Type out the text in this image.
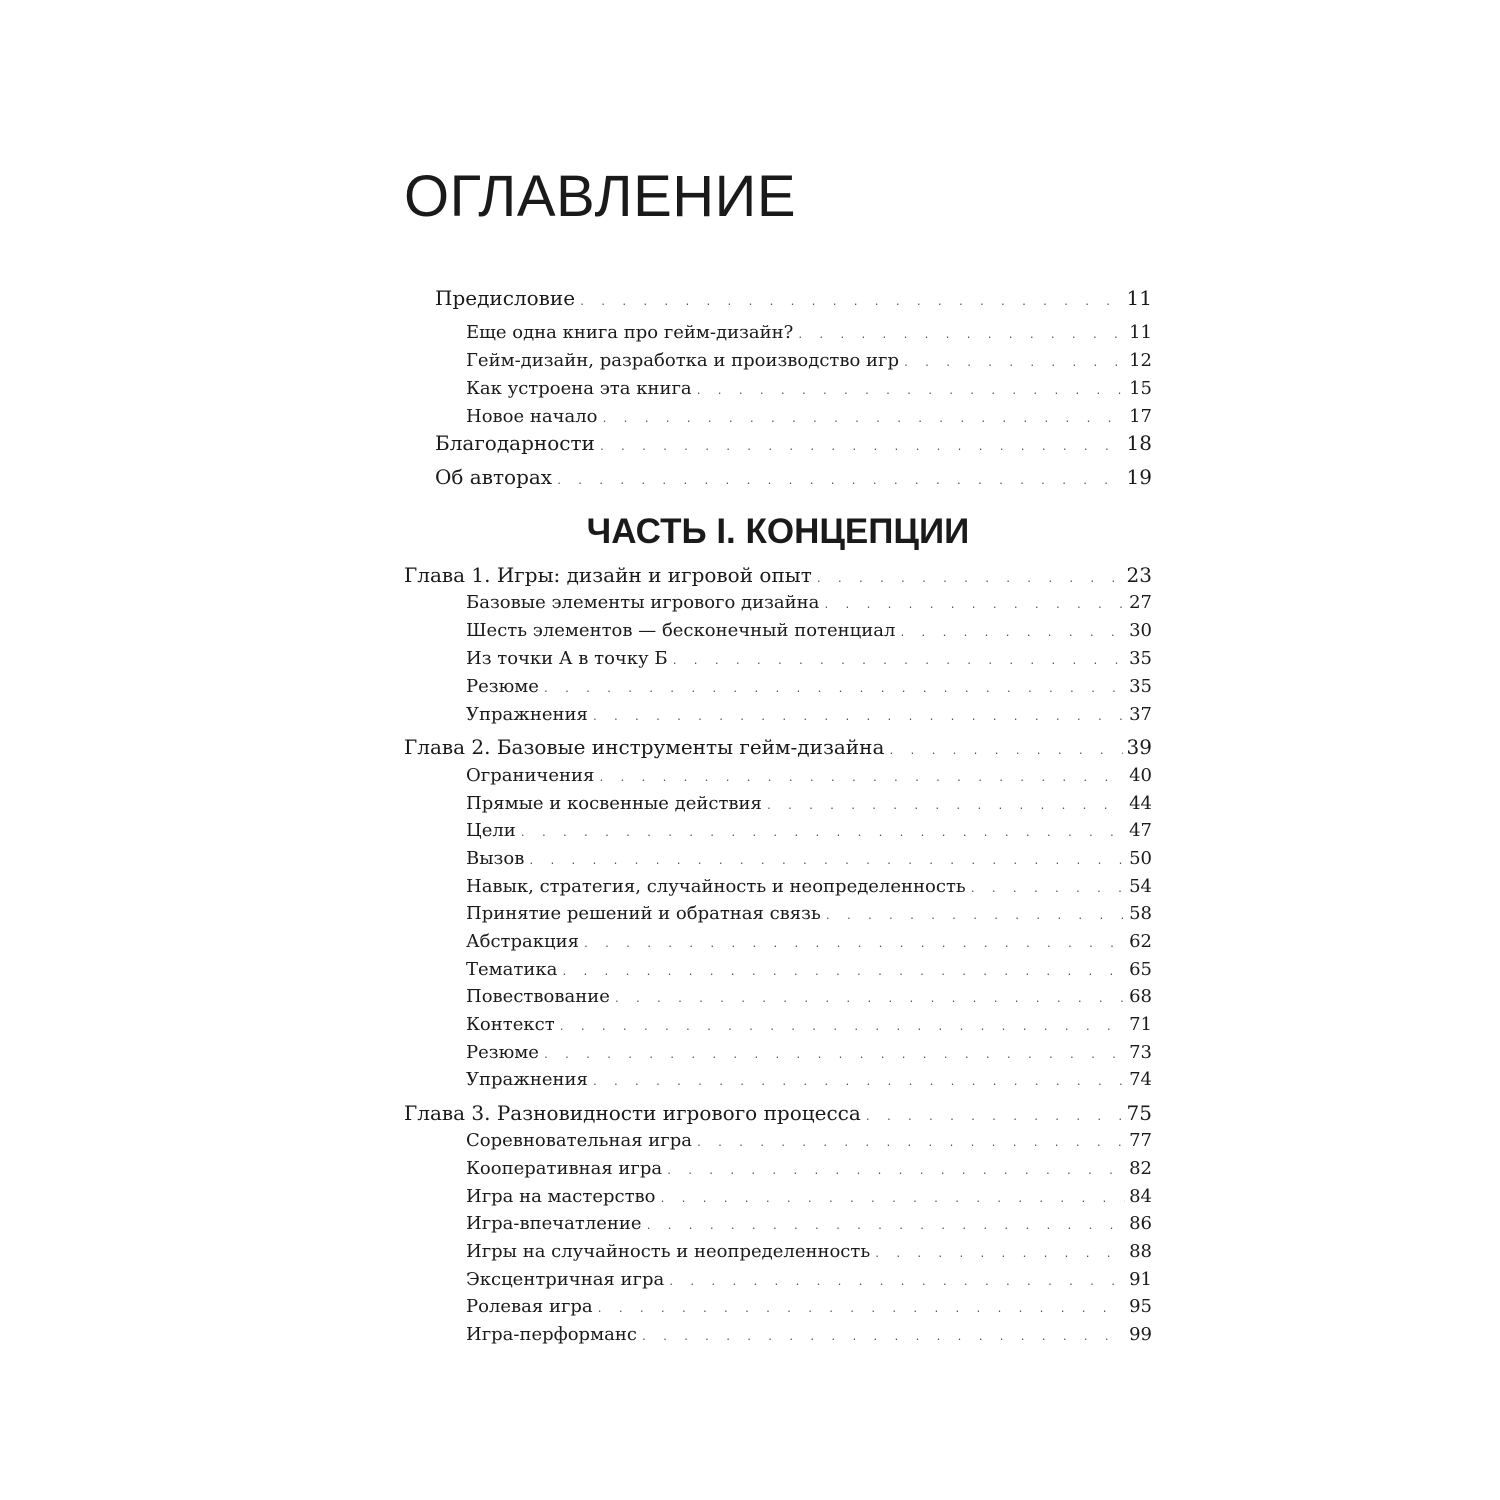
ОГЛАВЛЕНИЕ
Предисловие . . .	11
Еще одна книга про гейм-дизайн? . . .	11
Гейм-дизайн, разработка и производство игр . . .	12
Как устроена эта книга . . .	15
Новое начало . . .	17
Благодарности . . .	18
Об авторах . . .	19
ЧАСТЬ I. КОНЦЕПЦИИ
Глава 1. Игры: дизайн и игровой опыт . . .	23
Базовые элементы игрового дизайна . . .	27
Шесть элементов — бесконечный потенциал . . .	30
Из точки А в точку Б . . .	35
Резюме . . .	35
Упражнения . . .	37
Глава 2. Базовые инструменты гейм-дизайна . . .	39
Ограничения . . .	40
Прямые и косвенные действия . . .	44
Цели . . .	47
Вызов . . .	50
Навык, стратегия, случайность и неопределенность . . .	54
Принятие решений и обратная связь . . .	58
Абстракция . . .	62
Тематика . . .	65
Повествование . . .	68
Контекст . . .	71
Резюме . . .	73
Упражнения . . .	74
Глава 3. Разновидности игрового процесса . . .	75
Соревновательная игра . . .	77
Кооперативная игра . . .	82
Игра на мастерство . . .	84
Игра-впечатление . . .	86
Игры на случайность и неопределенность . . .	88
Эксцентричная игра . . .	91
Ролевая игра . . .	95
Игра-перформанс . . .	99
